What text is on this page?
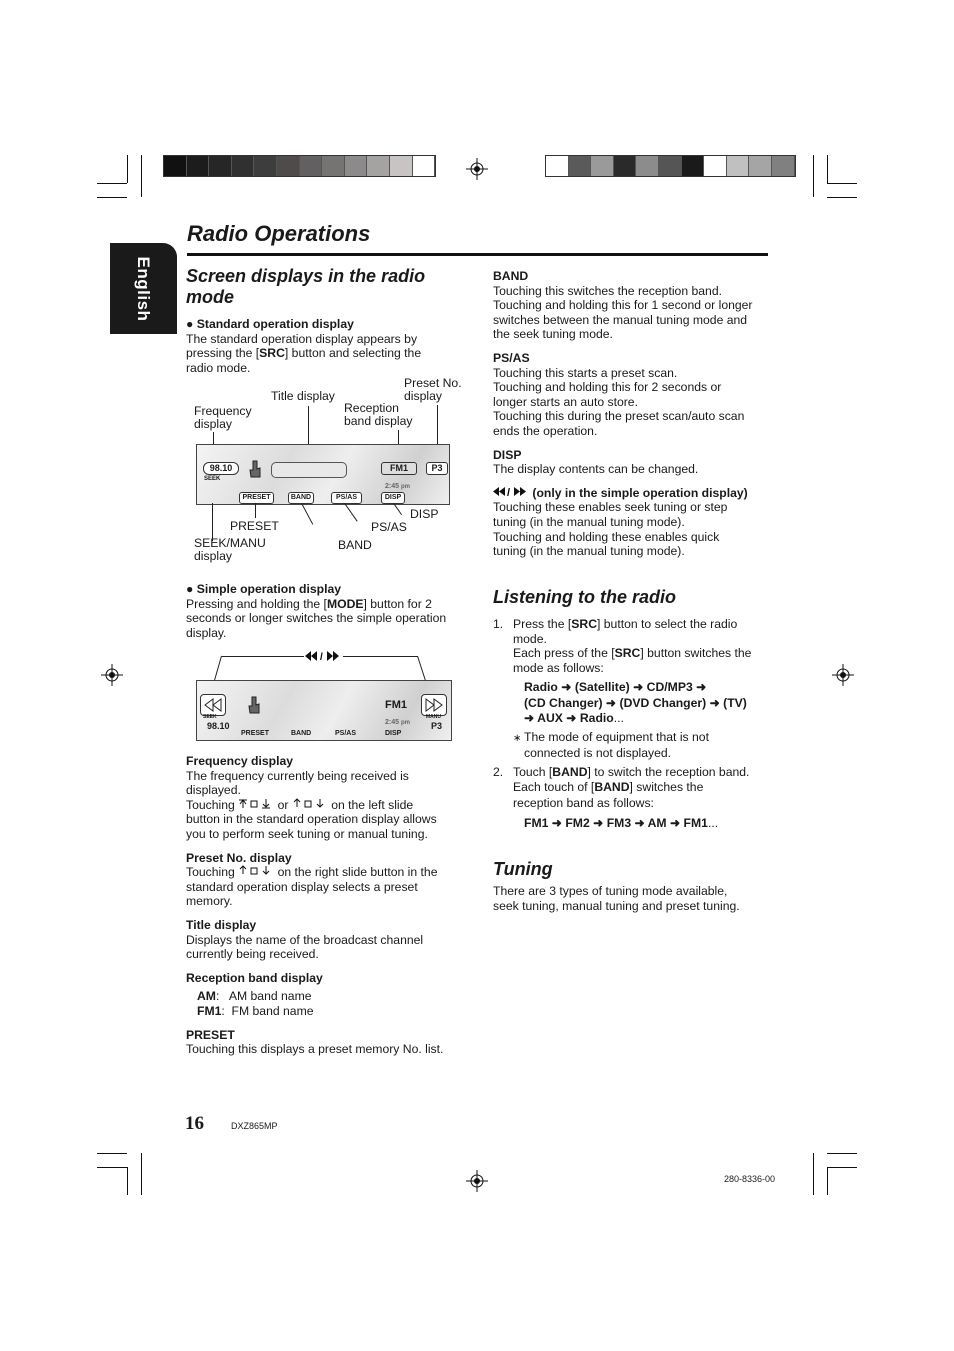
English
Radio Operations
Screen displays in the radio mode

● Standard operation display

The standard operation display appears by

pressing the [SRC] button and selecting the

radio mode.

Title display
Preset No.
display
Frequency
display
Reception
band display
98.10
SEEK
FM1	P3
2:45 pm
PRESET	BAND	PS/AS	DISP
DISP
PRESET	PS/AS
SEEK/MANU
display
BAND

● Simple operation display

Pressing and holding the [MODE] button for 2

seconds or longer switches the simple operation

display.

/
FM1
SEEK
98.10	2:45 pm
MANU
P3
PRESET	BAND	PS/AS	DISP

Frequency display

The frequency currently being received is

displayed.

Touching	or	on the left slide

button in the standard operation display allows

you to perform seek tuning or manual tuning.

Preset No. display

Touching	on the right slide button in the

standard operation display selects a preset

memory.

Title display

Displays the name of the broadcast channel

currently being received.

Reception band display

AM:   AM band name

FM1:  FM band name

PRESET

Touching this displays a preset memory No. list.

BAND

Touching this switches the reception band.

Touching and holding this for 1 second or longer

switches between the manual tuning mode and

the seek tuning mode.

PS/AS

Touching this starts a preset scan.

Touching and holding this for 2 seconds or

longer starts an auto store.

Touching this during the preset scan/auto scan

ends the operation.

DISP

The display contents can be changed.

/ (only in the simple operation display)

Touching these enables seek tuning or step

tuning (in the manual tuning mode).

Touching and holding these enables quick

tuning (in the manual tuning mode).

Listening to the radio

1. Press the [SRC] button to select the radio

mode.

Each press of the [SRC] button switches the

mode as follows:

Radio ➜ (Satellite) ➜ CD/MP3 ➜

(CD Changer) ➜ (DVD Changer) ➜ (TV)

➜ AUX ➜ Radio...

∗ The mode of equipment that is not

connected is not displayed.

2. Touch [BAND] to switch the reception band.

Each touch of [BAND] switches the

reception band as follows:

FM1 ➜ FM2 ➜ FM3 ➜ AM ➜ FM1...

Tuning

There are 3 types of tuning mode available,

seek tuning, manual tuning and preset tuning.

16	DXZ865MP
280-8336-00
